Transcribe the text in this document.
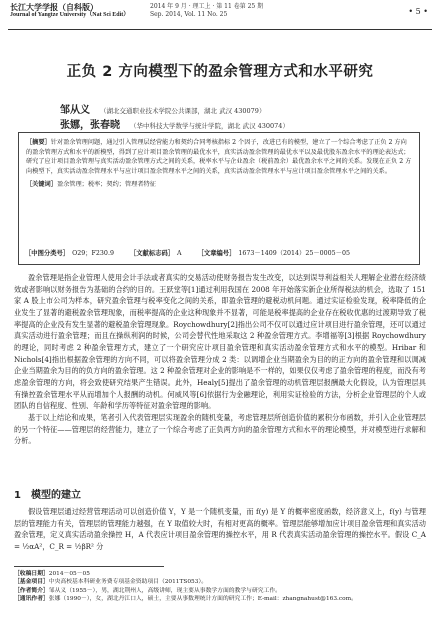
长江大学学报（自科版）
Journal of Yangtze University（Nat Sci Edit）
2014 年 9 月 · 理工上 · 第 11 卷第 25 期
Sep. 2014, Vol. 11 No. 25	• 5 •
正负 2 方向模型下的盈余管理方式和水平研究
邹从义 （湖北交通职业技术学院公共课部，湖北 武汉 430079）
张娜，张春晓 （华中科技大学数学与统计学院，湖北 武汉 430074）
［摘要］针对盈余管理问题，通过引入管理层经营能力和契约合同考核指标 2 个因子，改进已有的模型，建立了一个综合考虑了正负 2 方向的盈余管理方式和水平的新模型，得到了应计项目盈余管理的最优水平，真实活动盈余管理的最优水平以及最优股东盈余水平的理论表达式；研究了应计项目盈余管理与真实活动盈余管理方式之间的关系，税率水平与企业盈余（税前盈余）最优盈余水平之间的关系。发现在正负 2 方向模型下，真实活动盈余管理水平与应计项目盈余管理水平之间的关系，真实活动盈余管理水平与应计项目盈余管理水平之间的关系。
［关键词］盈余管理；税率；契约；管理者特征
［中图分类号］ O29；F230.9	［文献标志码］ A	［文章编号］ 1673－1409（2014）25－0005－05

盈余管理是指企业管理人使用会计手法或者真实的交易活动使财务报告发生改变，以达到误导利益相关人理解企业潜在经济绩效或者影响以财务报告为基础的合约的目的。王跃堂等[1]通过利用我国在 2008 年开始落实新企业所得税法的机会，选取了 151 家 A 股上市公司为样本，研究盈余管理与税率变化之间的关系，即盈余管理的避税动机问题。通过实证检验发现，税率降低的企业发生了显著的避税盈余管理现象，而税率提高的企业这种现象并不显著，可能是税率提高的企业存在税收优惠的过渡期导致了税率提高的企业没有发生显著的避税盈余管理现象。Roychowdhury[2]指出公司不仅可以通过应计项目进行盈余管理，还可以通过真实活动进行盈余管理；而且在操纵利润的时候，公司会替代性地采取这 2 种盈余管理方式。李增福等[3]根据 Roychowdhury 的理论，同时考虑 2 种盈余管理方式，建立了一个研究应计项目盈余管理和真实活动盈余管理方式和水平的模型。Hribar 和 Nichols[4]指出根据盈余管理的方向不同，可以将盈余管理分成 2 类：以调增企业当期盈余为目的的正方向的盈余管理和以调减企业当期盈余为目的的负方向的盈余管理。这 2 种盈余管理对企业的影响是不一样的，如果仅仅考虑了盈余管理的程度，而没有考虑盈余管理的方向，将会致使研究结果产生错误。此外，Healy[5]提出了盈余管理的动机管理层报酬最大化假设，认为管理层具有操控盈余管理水平从而增加个人报酬的动机。何威风等[6]依据行为金融理论，利用实证检验的方法，分析企业管理层的个人或团队的自信程度、性别、年龄和学历等特征对盈余管理的影响。

基于以上结论和成果，笔者引入代表管理层实现盈余的随机变量，考虑管理层所创造价值的累积分布函数，并引入企业管理层的另一个特征——管理层的经营能力，建立了一个综合考虑了正负两方向的盈余管理方式和水平的理论模型，并对模型进行求解和分析。

1　模型的建立

假设管理层通过经营管理活动可以创造价值 Y，Y 是一个随机变量，而 f(y) 是 Y 的概率密度函数，经济意义上，f(y) 与管理层的管理能力有关，管理层的管理能力越强，在 Y 取值较大时，有相对更高的概率。管理层能够增加应计项目盈余管理和真实活动盈余管理，定义真实活动盈余操控 H，A 代表应计项目盈余管理的操控水平，用 R 代表真实活动盈余管理的操控水平。假设 C_A = ½αA²，C_R = ½βR² 分

［收稿日期］2014－05－05
［基金项目］中央高校基本科研业务费专项基金资助项目（2011TS053）。
［作者简介］邹从义（1955－），男，湖北荆州人，高级讲师，现主要从事数学方面的教学与研究工作。
［通讯作者］张娜（1990－），女，湖北丹江口人，硕士，主要从事数理统计方面的研究工作；E-mail：zhangnahust@163.com。
